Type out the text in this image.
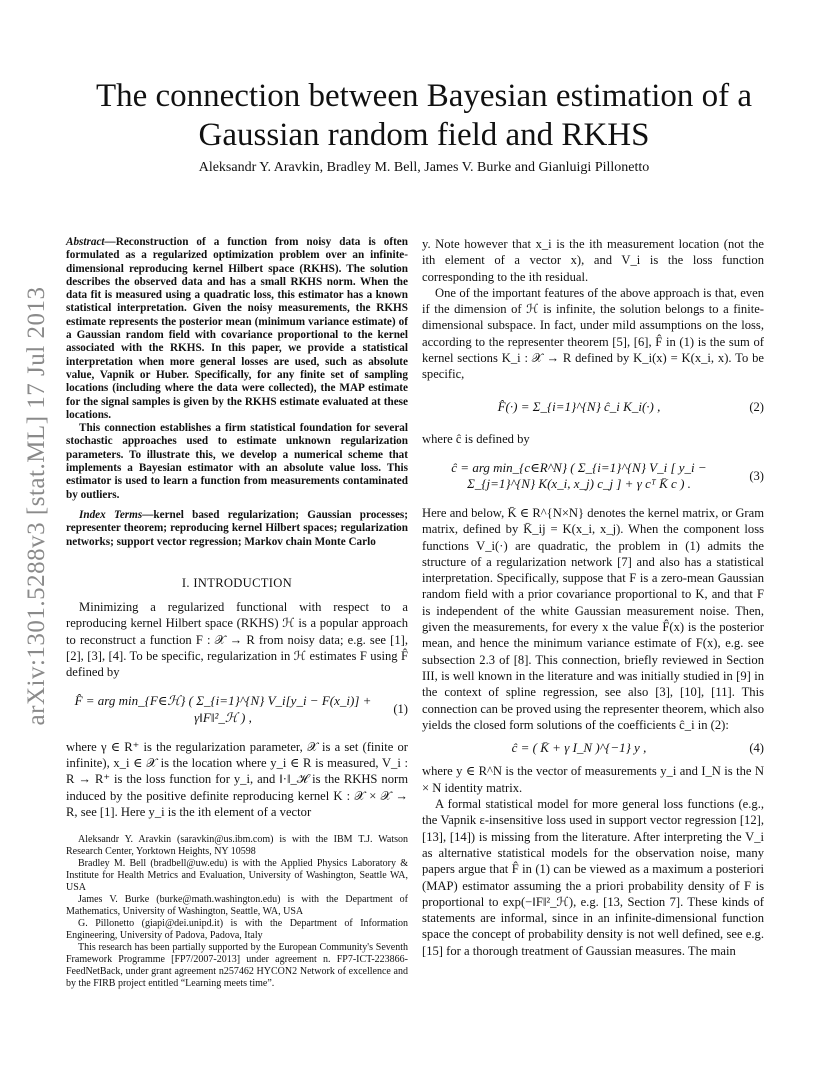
arXiv:1301.5288v3 [stat.ML] 17 Jul 2013
The connection between Bayesian estimation of a Gaussian random field and RKHS
Aleksandr Y. Aravkin, Bradley M. Bell, James V. Burke and Gianluigi Pillonetto

Abstract—Reconstruction of a function from noisy data is often formulated as a regularized optimization problem over an infinite-dimensional reproducing kernel Hilbert space (RKHS). The solution describes the observed data and has a small RKHS norm. When the data fit is measured using a quadratic loss, this estimator has a known statistical interpretation. Given the noisy measurements, the RKHS estimate represents the posterior mean (minimum variance estimate) of a Gaussian random field with covariance proportional to the kernel associated with the RKHS. In this paper, we provide a statistical interpretation when more general losses are used, such as absolute value, Vapnik or Huber. Specifically, for any finite set of sampling locations (including where the data were collected), the MAP estimate for the signal samples is given by the RKHS estimate evaluated at these locations.

This connection establishes a firm statistical foundation for several stochastic approaches used to estimate unknown regularization parameters. To illustrate this, we develop a numerical scheme that implements a Bayesian estimator with an absolute value loss. This estimator is used to learn a function from measurements contaminated by outliers.

Index Terms—kernel based regularization; Gaussian processes; representer theorem; reproducing kernel Hilbert spaces; regularization networks; support vector regression; Markov chain Monte Carlo

I. INTRODUCTION

Minimizing a regularized functional with respect to a reproducing kernel Hilbert space (RKHS) ℋ is a popular approach to reconstruct a function F : 𝒳 → R from noisy data; e.g. see [1], [2], [3], [4]. To be specific, regularization in ℋ estimates F using F̂ defined by

F̂ = arg min_{F∈ℋ} ( Σ_{i=1}^{N} V_i[y_i − F(x_i)] + γ‖F‖²_ℋ ) ,
(1)

where γ ∈ R⁺ is the regularization parameter, 𝒳 is a set (finite or infinite), x_i ∈ 𝒳 is the location where y_i ∈ R is measured, V_i : R → R⁺ is the loss function for y_i, and ‖·‖_ℋ is the RKHS norm induced by the positive definite reproducing kernel K : 𝒳 × 𝒳 → R, see [1]. Here y_i is the ith element of a vector

Aleksandr Y. Aravkin (saravkin@us.ibm.com) is with the IBM T.J. Watson Research Center, Yorktown Heights, NY 10598

Bradley M. Bell (bradbell@uw.edu) is with the Applied Physics Laboratory & Institute for Health Metrics and Evaluation, University of Washington, Seattle WA, USA

James V. Burke (burke@math.washington.edu) is with the Department of Mathematics, University of Washington, Seattle, WA, USA

G. Pillonetto (giapi@dei.unipd.it) is with the Department of Information Engineering, University of Padova, Padova, Italy

This research has been partially supported by the European Community's Seventh Framework Programme [FP7/2007-2013] under agreement n. FP7-ICT-223866-FeedNetBack, under grant agreement n257462 HYCON2 Network of excellence and by the FIRB project entitled “Learning meets time”.

y. Note however that x_i is the ith measurement location (not the ith element of a vector x), and V_i is the loss function corresponding to the ith residual.

One of the important features of the above approach is that, even if the dimension of ℋ is infinite, the solution belongs to a finite-dimensional subspace. In fact, under mild assumptions on the loss, according to the representer theorem [5], [6], F̂ in (1) is the sum of kernel sections K_i : 𝒳 → R defined by K_i(x) = K(x_i, x). To be specific,

F̂(·) = Σ_{i=1}^{N} ĉ_i K_i(·) ,	(2)

where ĉ is defined by

ĉ = arg min_{c∈R^N} ( Σ_{i=1}^{N} V_i [ y_i − Σ_{j=1}^{N} K(x_i, x_j) c_j ] + γ cᵀ K̄ c ) .
(3)

Here and below, K̄ ∈ R^{N×N} denotes the kernel matrix, or Gram matrix, defined by K̄_ij = K(x_i, x_j). When the component loss functions V_i(·) are quadratic, the problem in (1) admits the structure of a regularization network [7] and also has a statistical interpretation. Specifically, suppose that F is a zero-mean Gaussian random field with a prior covariance proportional to K, and that F is independent of the white Gaussian measurement noise. Then, given the measurements, for every x the value F̂(x) is the posterior mean, and hence the minimum variance estimate of F(x), e.g. see subsection 2.3 of [8]. This connection, briefly reviewed in Section III, is well known in the literature and was initially studied in [9] in the context of spline regression, see also [3], [10], [11]. This connection can be proved using the representer theorem, which also yields the closed form solutions of the coefficients ĉ_i in (2):

ĉ = ( K̄ + γ I_N )^{−1} y ,	(4)

where y ∈ R^N is the vector of measurements y_i and I_N is the N × N identity matrix.

A formal statistical model for more general loss functions (e.g., the Vapnik ε-insensitive loss used in support vector regression [12], [13], [14]) is missing from the literature. After interpreting the V_i as alternative statistical models for the observation noise, many papers argue that F̂ in (1) can be viewed as a maximum a posteriori (MAP) estimator assuming the a priori probability density of F is proportional to exp(−‖F‖²_ℋ), e.g. [13, Section 7]. These kinds of statements are informal, since in an infinite-dimensional function space the concept of probability density is not well defined, see e.g. [15] for a thorough treatment of Gaussian measures. The main
